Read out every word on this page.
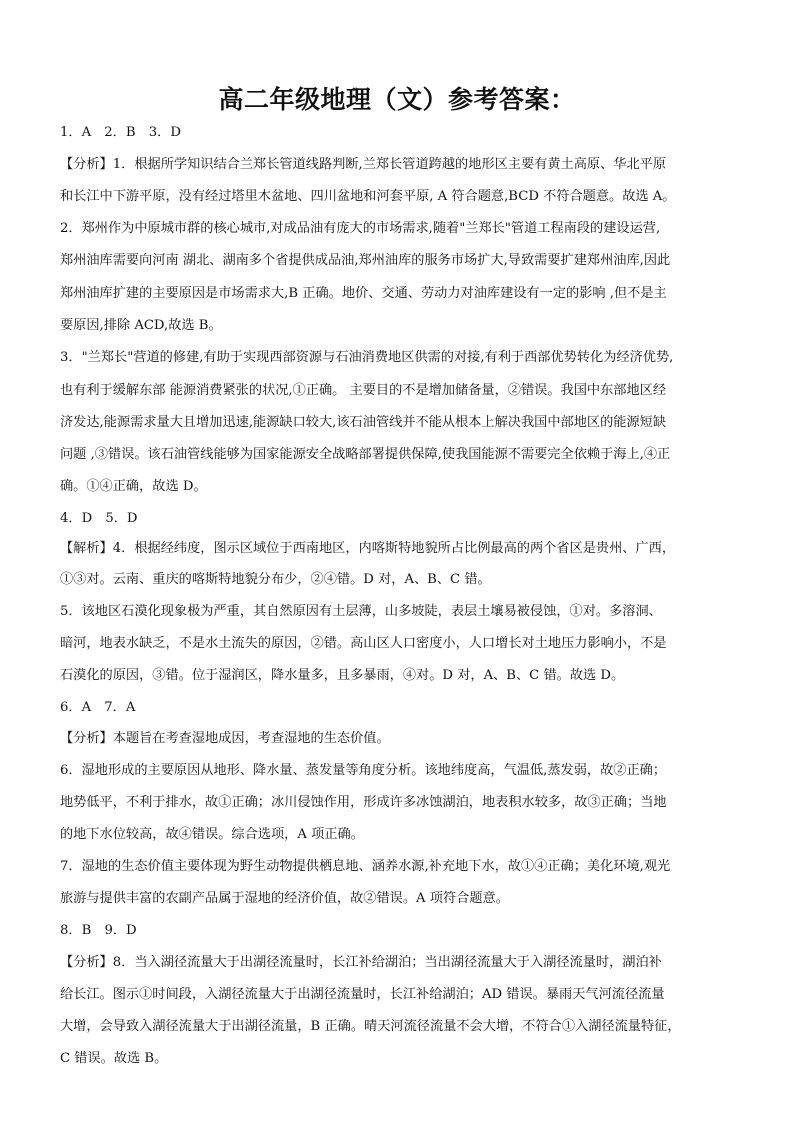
高二年级地理（文）参考答案：
1．A　2．B　3．D
【分析】1．根据所学知识结合兰郑长管道线路判断,兰郑长管道跨越的地形区主要有黄土高原、华北平原
和长江中下游平原，没有经过塔里木盆地、四川盆地和河套平原, A 符合题意,BCD 不符合题意。故选 A。
2．郑州作为中原城市群的核心城市,对成品油有庞大的市场需求,随着"兰郑长"管道工程南段的建设运营,
郑州油库需要向河南 湖北、湖南多个省提供成品油,郑州油库的服务市场扩大,导致需要扩建郑州油库,因此
郑州油库扩建的主要原因是市场需求大,B 正确。地价、交通、劳动力对油库建设有一定的影响 ,但不是主
要原因,排除 ACD,故选 B。
3．"兰郑长"营道的修建,有助于实现西部资源与石油消费地区供需的对接,有利于西部优势转化为经济优势,
也有利于缓解东部 能源消费紧张的状况,①正确。 主要目的不是增加储备量，②错误。我国中东部地区经
济发达,能源需求量大且增加迅速,能源缺口较大,该石油管线并不能从根本上解决我国中部地区的能源短缺
问题 ,③错误。该石油管线能够为国家能源安全战略部署提供保障,使我国能源不需要完全依赖于海上,④正
确。①④正确，故选 D。
4．D　5．D
【解析】4．根据经纬度，图示区域位于西南地区，内喀斯特地貌所占比例最高的两个省区是贵州、广西，
①③对。云南、重庆的喀斯特地貌分布少，②④错。D 对，A、B、C 错。
5．该地区石漠化现象极为严重，其自然原因有土层薄，山多坡陡，表层土壤易被侵蚀，①对。多溶洞、
暗河，地表水缺乏，不是水土流失的原因，②错。高山区人口密度小，人口增长对土地压力影响小，不是
石漠化的原因，③错。位于湿润区，降水量多，且多暴雨，④对。D 对，A、B、C 错。故选 D。
6．A　7．A
【分析】本题旨在考查湿地成因，考查湿地的生态价值。
6．湿地形成的主要原因从地形、降水量、蒸发量等角度分析。该地纬度高，气温低,蒸发弱，故②正确；
地势低平，不利于排水，故①正确；冰川侵蚀作用，形成许多冰蚀湖泊，地表积水较多，故③正确；当地
的地下水位较高，故④错误。综合选项，A 项正确。
7．湿地的生态价值主要体现为野生动物提供栖息地、涵养水源,补充地下水，故①④正确；美化环境,观光
旅游与提供丰富的农副产品属于湿地的经济价值，故②错误。A 项符合题意。
8．B　9．D
【分析】8．当入湖径流量大于出湖径流量时，长江补给湖泊；当出湖径流量大于入湖径流量时，湖泊补
给长江。图示①时间段，入湖径流量大于出湖径流量时，长江补给湖泊；AD 错误。暴雨天气河流径流量
大增，会导致入湖径流量大于出湖径流量，B 正确。晴天河流径流量不会大增，不符合①入湖径流量特征，
C 错误。故选 B。
